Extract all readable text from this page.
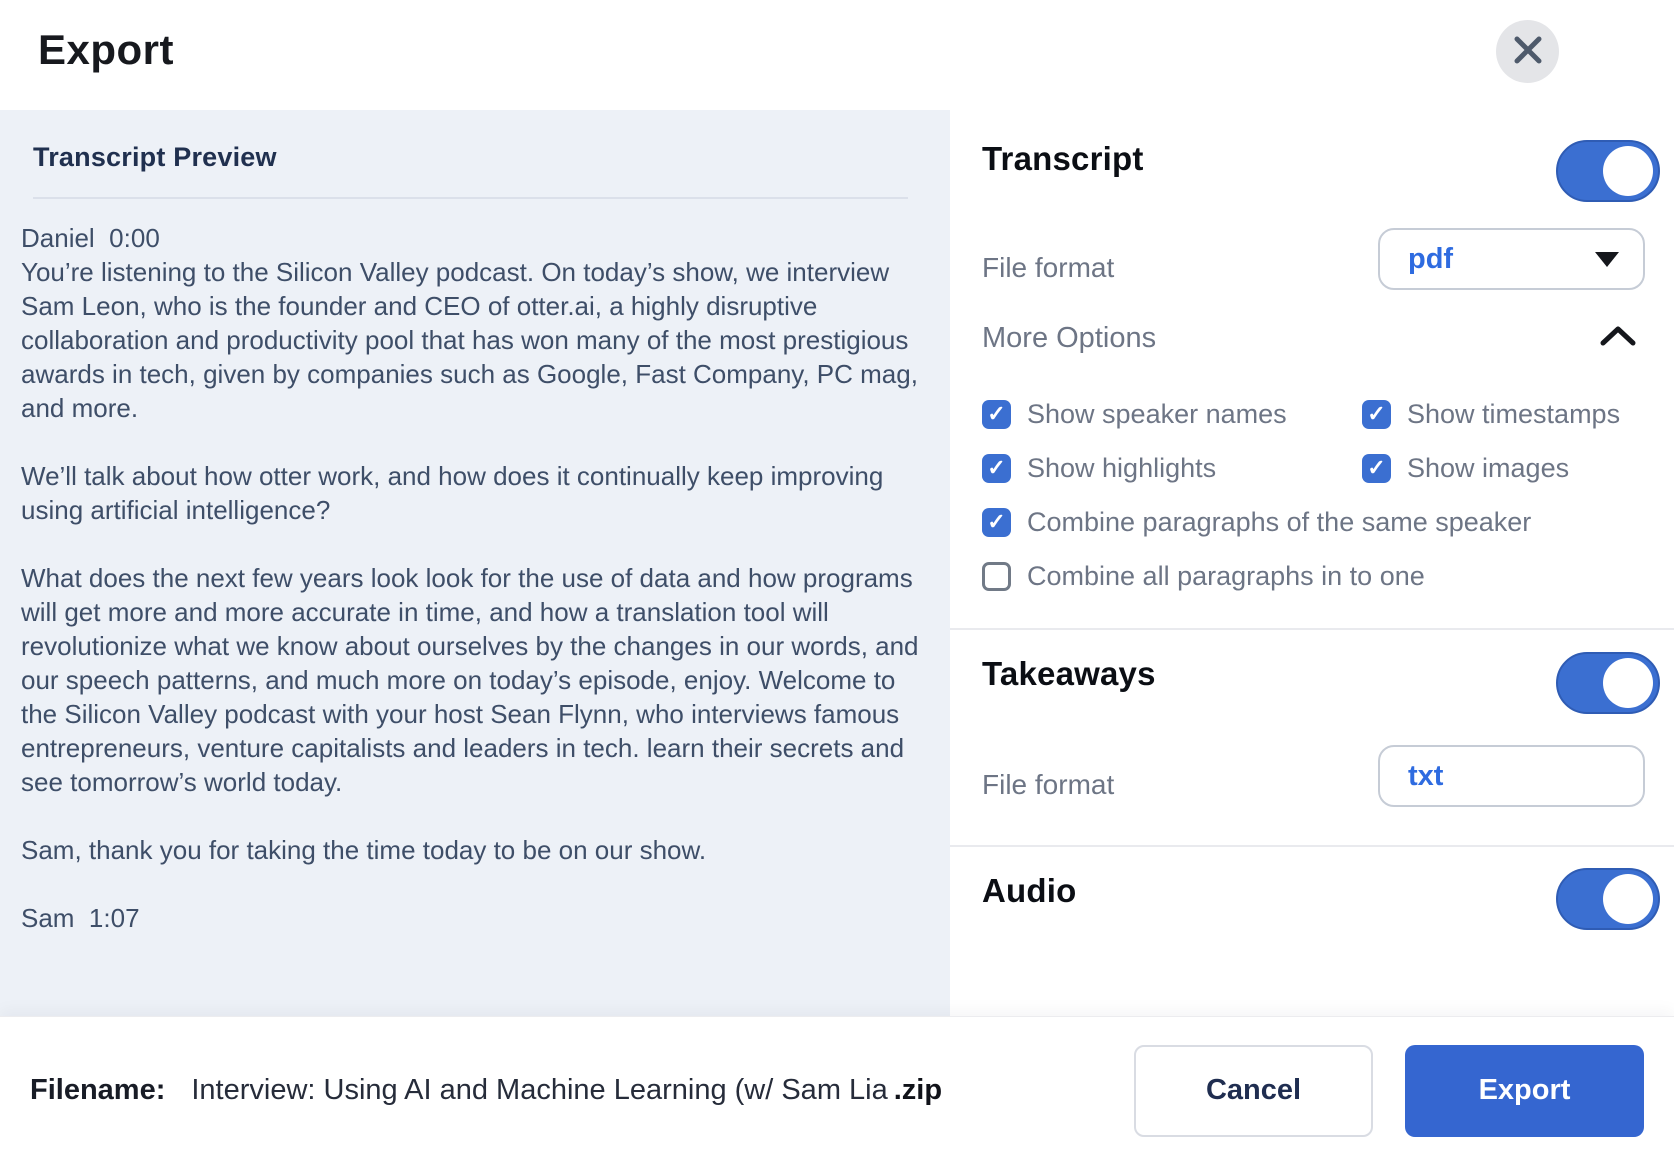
Export
Transcript Preview
Daniel 0:00
You’re listening to the Silicon Valley podcast. On today’s show, we interview Sam Leon, who is the founder and CEO of otter.ai, a highly disruptive collaboration and productivity pool that has won many of the most prestigious awards in tech, given by companies such as Google, Fast Company, PC mag, and more.
We’ll talk about how otter work, and how does it continually keep improving using artificial intelligence?
What does the next few years look look for the use of data and how programs will get more and more accurate in time, and how a translation tool will revolutionize what we know about ourselves by the changes in our words, and our speech patterns, and much more on today’s episode, enjoy. Welcome to the Silicon Valley podcast with your host Sean Flynn, who interviews famous entrepreneurs, venture capitalists and leaders in tech. learn their secrets and see tomorrow’s world today.
Sam, thank you for taking the time today to be on our show.
Sam 1:07
Transcript
File format	pdf
More Options
✓ Show speaker names	✓ Show timestamps
✓ Show highlights	✓ Show images
✓ Combine paragraphs of the same speaker
Combine all paragraphs in to one
Takeaways
File format	txt
Audio
Filename: Interview: Using AI and Machine Learning (w/ Sam Lia .zip	Cancel	Export
